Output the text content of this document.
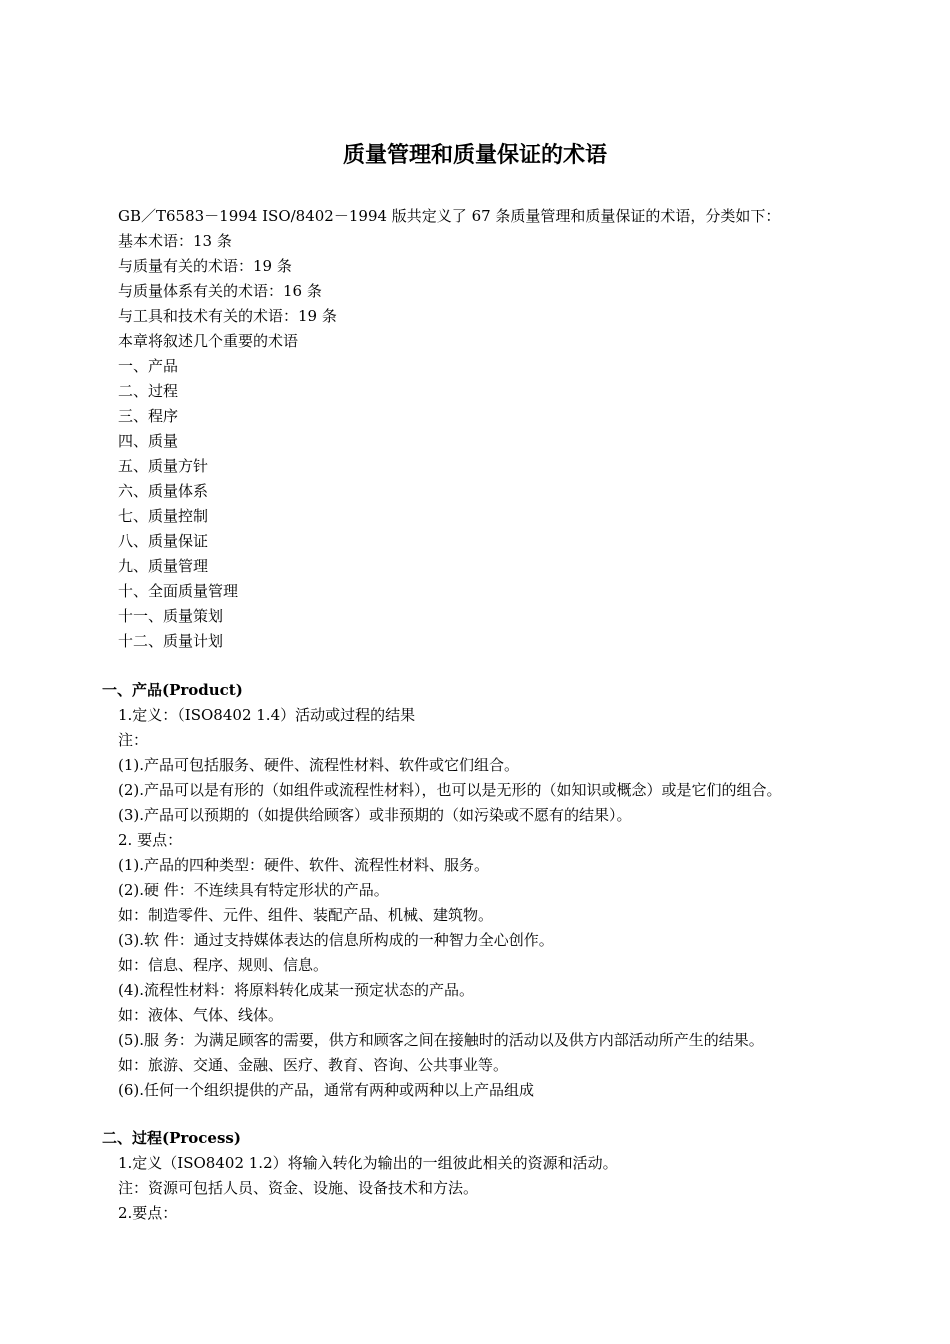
质量管理和质量保证的术语
GB／T6583－1994 ISO/8402－1994 版共定义了 67 条质量管理和质量保证的术语，分类如下：
基本术语：13 条
与质量有关的术语：19 条
与质量体系有关的术语：16 条
与工具和技术有关的术语：19 条
本章将叙述几个重要的术语
一、产品
二、过程
三、程序
四、质量
五、质量方针
六、质量体系
七、质量控制
八、质量保证
九、质量管理
十、全面质量管理
十一、质量策划
十二、质量计划
一、产品(Product)
1.定义：（ISO8402 1.4）活动或过程的结果
注：
(1).产品可包括服务、硬件、流程性材料、软件或它们组合。
(2).产品可以是有形的（如组件或流程性材料），也可以是无形的（如知识或概念）或是它们的组合。
(3).产品可以预期的（如提供给顾客）或非预期的（如污染或不愿有的结果）。
2. 要点：
(1).产品的四种类型：硬件、软件、流程性材料、服务。
(2).硬 件：不连续具有特定形状的产品。
如：制造零件、元件、组件、装配产品、机械、建筑物。
(3).软 件：通过支持媒体表达的信息所构成的一种智力全心创作。
如：信息、程序、规则、信息。
(4).流程性材料：将原料转化成某一预定状态的产品。
如：液体、气体、线体。
(5).服 务：为满足顾客的需要，供方和顾客之间在接触时的活动以及供方内部活动所产生的结果。
如：旅游、交通、金融、医疗、教育、咨询、公共事业等。
(6).任何一个组织提供的产品，通常有两种或两种以上产品组成
二、过程(Process)
1.定义（ISO8402 1.2）将输入转化为输出的一组彼此相关的资源和活动。
注：资源可包括人员、资金、设施、设备技术和方法。
2.要点：
